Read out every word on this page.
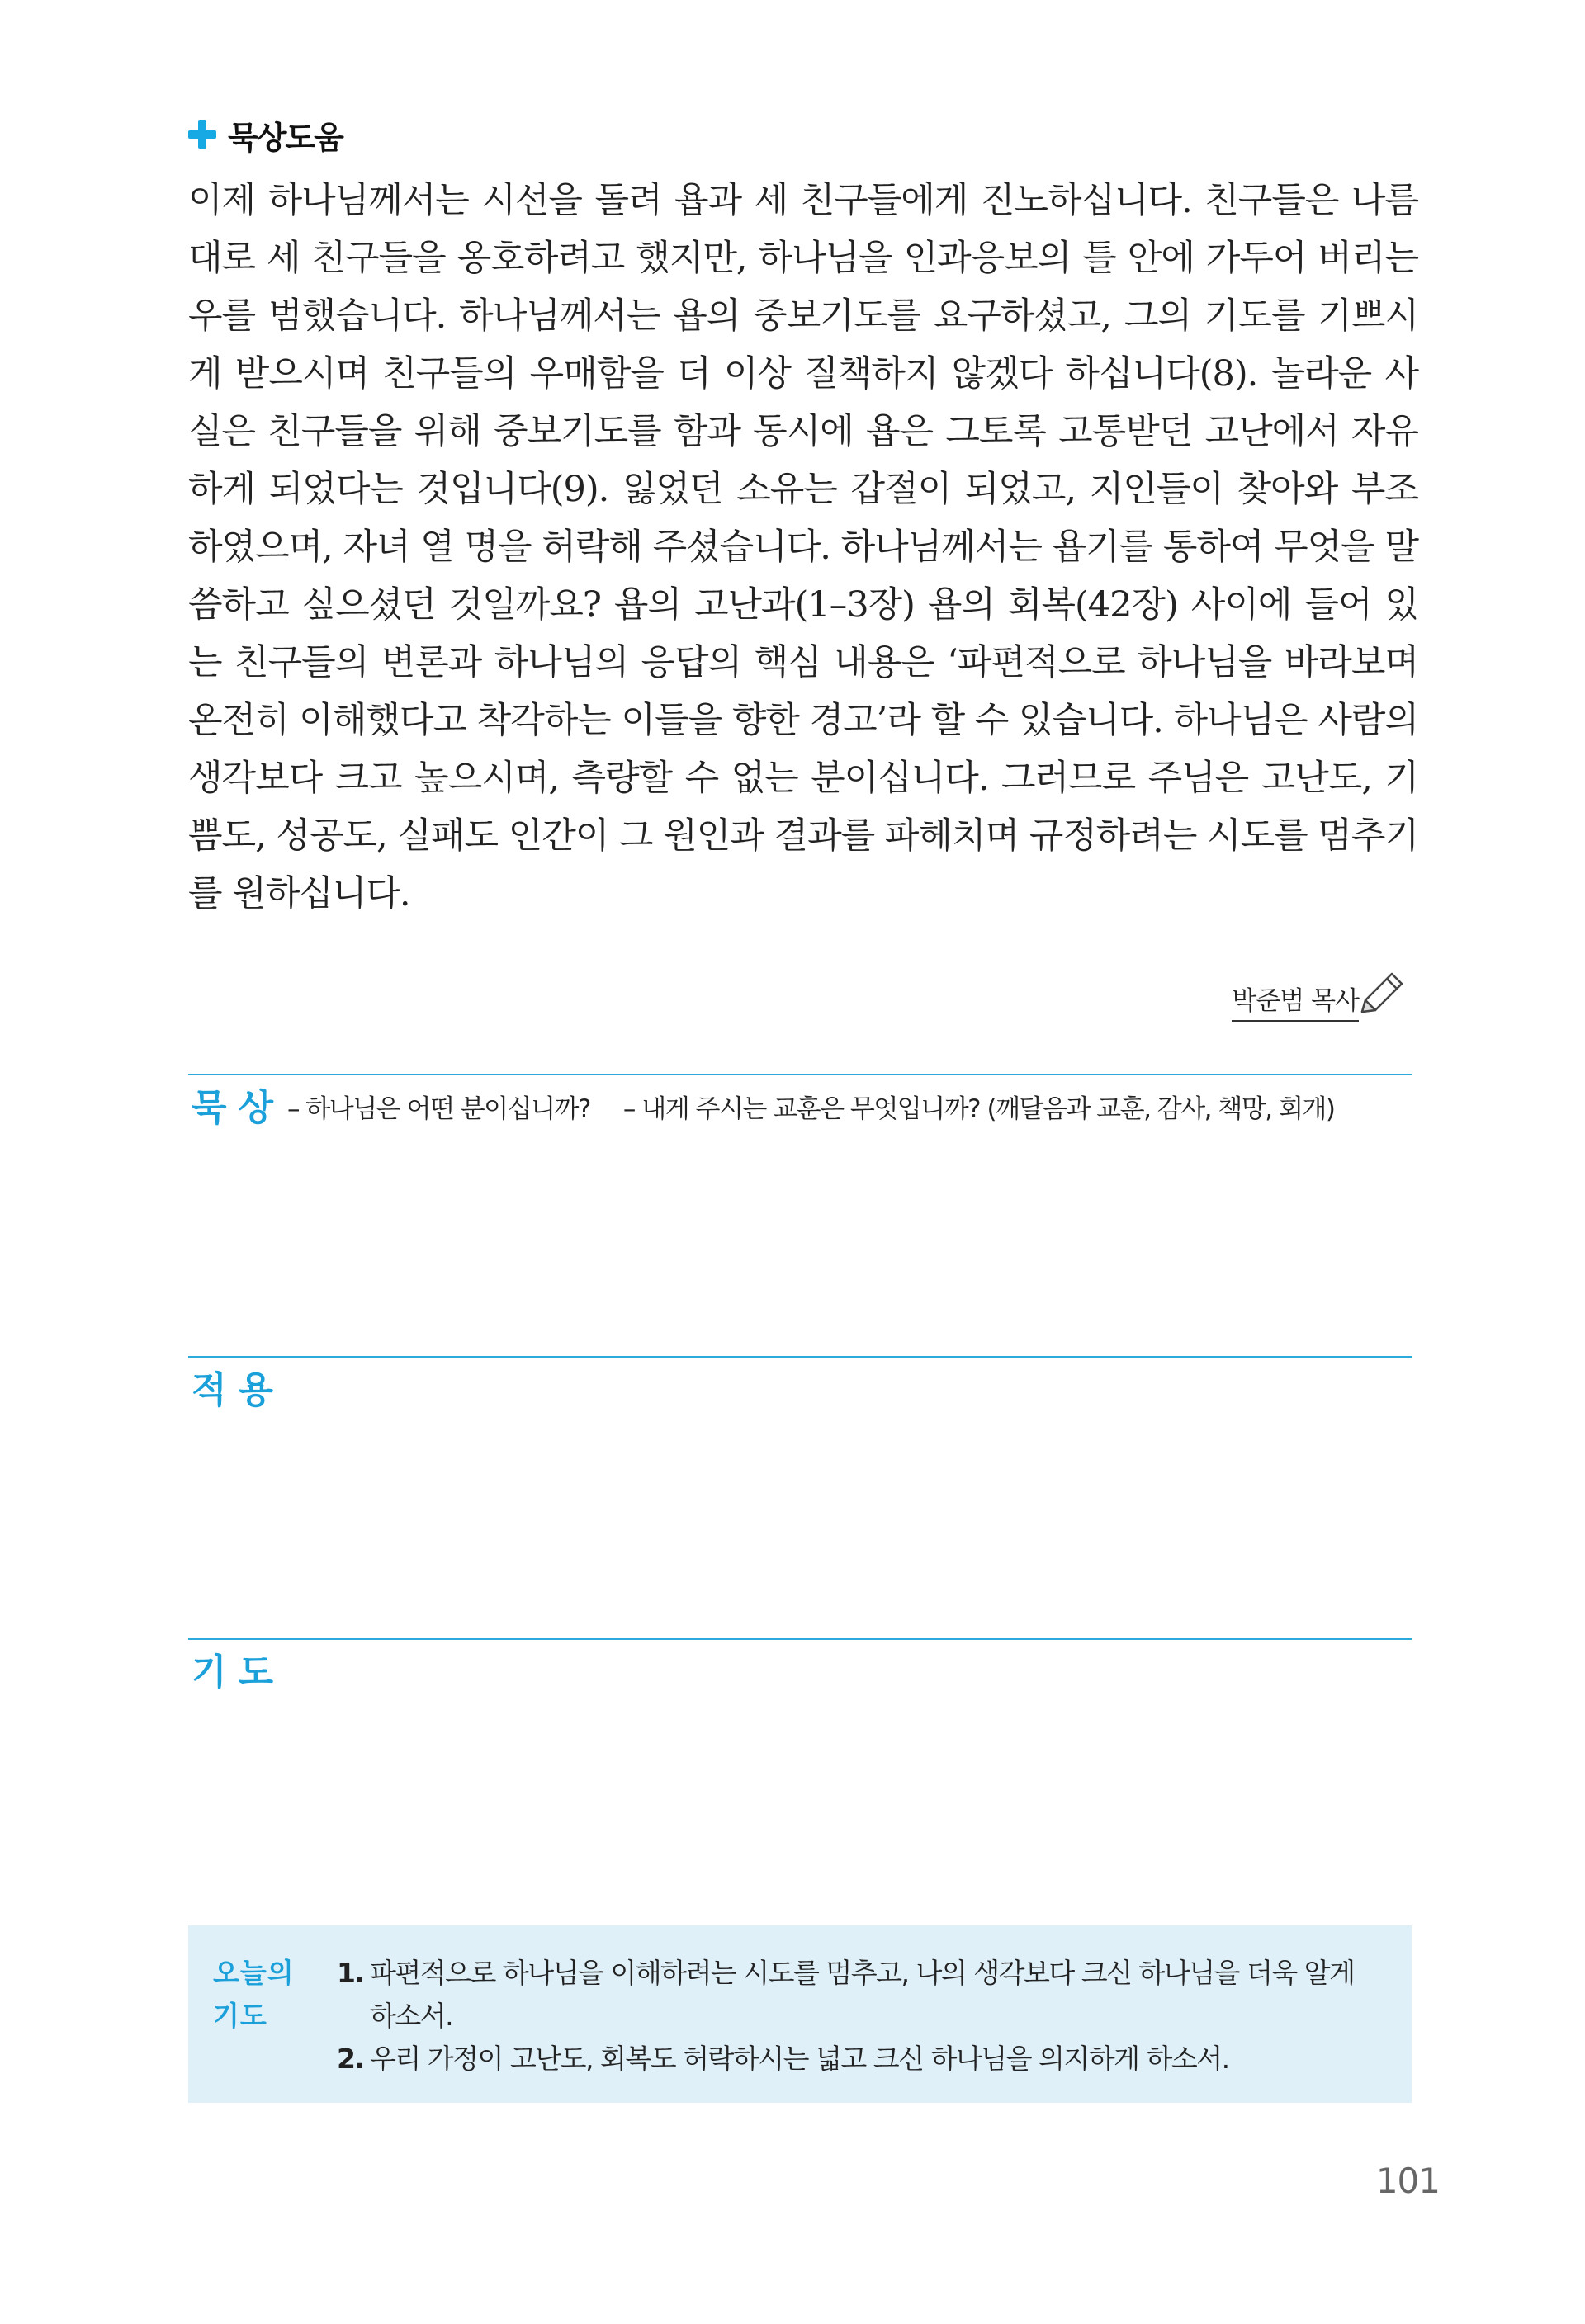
묵상도움
이제 하나님께서는 시선을 돌려 욥과 세 친구들에게 진노하십니다. 친구들은 나름대로 세 친구들을 옹호하려고 했지만, 하나님을 인과응보의 틀 안에 가두어 버리는 우를 범했습니다. 하나님께서는 욥의 중보기도를 요구하셨고, 그의 기도를 기쁘시게 받으시며 친구들의 우매함을 더 이상 질책하지 않겠다 하십니다(8). 놀라운 사실은 친구들을 위해 중보기도를 함과 동시에 욥은 그토록 고통받던 고난에서 자유하게 되었다는 것입니다(9). 잃었던 소유는 갑절이 되었고, 지인들이 찾아와 부조하였으며, 자녀 열 명을 허락해 주셨습니다. 하나님께서는 욥기를 통하여 무엇을 말씀하고 싶으셨던 것일까요? 욥의 고난과(1–3장) 욥의 회복(42장) 사이에 들어 있는 친구들의 변론과 하나님의 응답의 핵심 내용은 ‘파편적으로 하나님을 바라보며 온전히 이해했다고 착각하는 이들을 향한 경고’라 할 수 있습니다. 하나님은 사람의 생각보다 크고 높으시며, 측량할 수 없는 분이십니다. 그러므로 주님은 고난도, 기쁨도, 성공도, 실패도 인간이 그 원인과 결과를 파헤치며 규정하려는 시도를 멈추기를 원하십니다.
박준범 목사
묵상 – 하나님은 어떤 분이십니까? – 내게 주시는 교훈은 무엇입니까? (깨달음과 교훈, 감사, 책망, 회개)
적용
기도
오늘의 기도
1. 파편적으로 하나님을 이해하려는 시도를 멈추고, 나의 생각보다 크신 하나님을 더욱 알게 하소서.
2. 우리 가정이 고난도, 회복도 허락하시는 넓고 크신 하나님을 의지하게 하소서.
101
